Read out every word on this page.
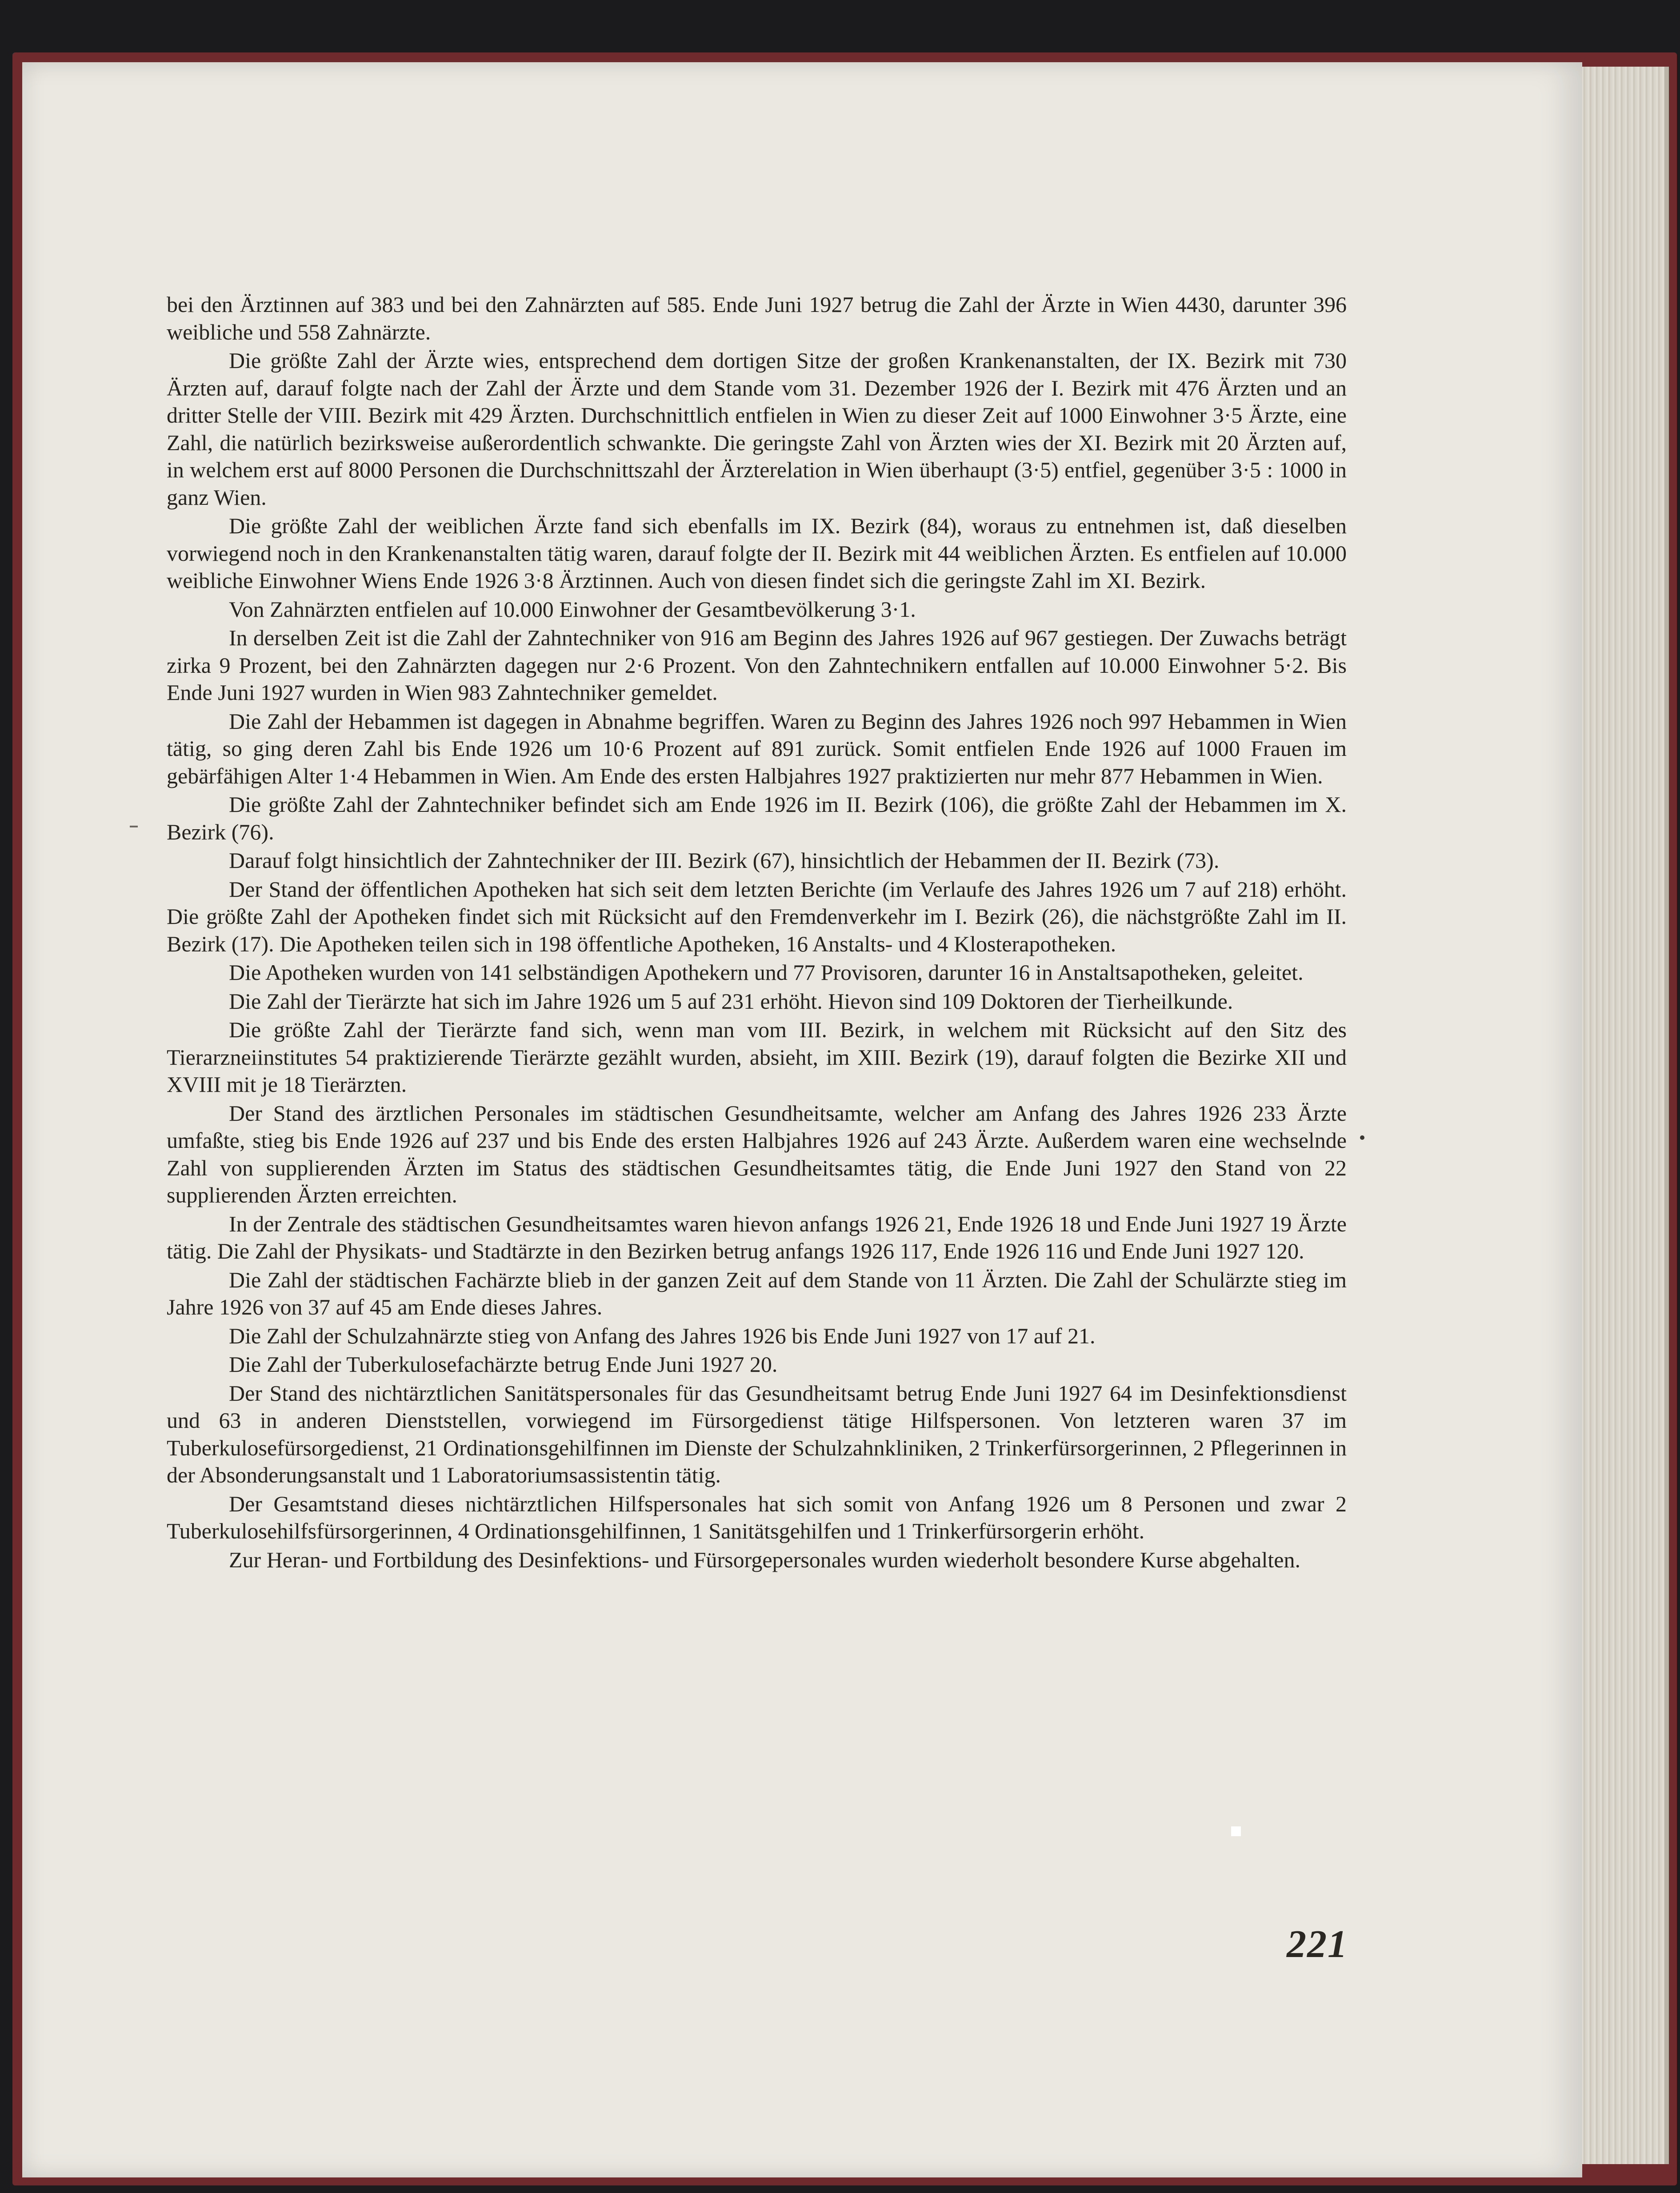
bei den Ärztinnen auf 383 und bei den Zahnärzten auf 585. Ende Juni 1927 betrug die Zahl der Ärzte in Wien 4430, darunter 396 weibliche und 558 Zahnärzte.

Die größte Zahl der Ärzte wies, entsprechend dem dortigen Sitze der großen Krankenanstalten, der IX. Bezirk mit 730 Ärzten auf, darauf folgte nach der Zahl der Ärzte und dem Stande vom 31. Dezember 1926 der I. Bezirk mit 476 Ärzten und an dritter Stelle der VIII. Bezirk mit 429 Ärzten. Durchschnittlich entfielen in Wien zu dieser Zeit auf 1000 Einwohner 3·5 Ärzte, eine Zahl, die natürlich bezirksweise außerordentlich schwankte. Die geringste Zahl von Ärzten wies der XI. Bezirk mit 20 Ärzten auf, in welchem erst auf 8000 Personen die Durchschnittszahl der Ärzterelation in Wien überhaupt (3·5) entfiel, gegenüber 3·5 : 1000 in ganz Wien.

Die größte Zahl der weiblichen Ärzte fand sich ebenfalls im IX. Bezirk (84), woraus zu entnehmen ist, daß dieselben vorwiegend noch in den Krankenanstalten tätig waren, darauf folgte der II. Bezirk mit 44 weiblichen Ärzten. Es entfielen auf 10.000 weibliche Einwohner Wiens Ende 1926 3·8 Ärztinnen. Auch von diesen findet sich die geringste Zahl im XI. Bezirk.

Von Zahnärzten entfielen auf 10.000 Einwohner der Gesamtbevölkerung 3·1.

In derselben Zeit ist die Zahl der Zahntechniker von 916 am Beginn des Jahres 1926 auf 967 gestiegen. Der Zuwachs beträgt zirka 9 Prozent, bei den Zahnärzten dagegen nur 2·6 Prozent. Von den Zahntechnikern entfallen auf 10.000 Einwohner 5·2. Bis Ende Juni 1927 wurden in Wien 983 Zahntechniker gemeldet.

Die Zahl der Hebammen ist dagegen in Abnahme begriffen. Waren zu Beginn des Jahres 1926 noch 997 Hebammen in Wien tätig, so ging deren Zahl bis Ende 1926 um 10·6 Prozent auf 891 zurück. Somit entfielen Ende 1926 auf 1000 Frauen im gebärfähigen Alter 1·4 Hebammen in Wien. Am Ende des ersten Halbjahres 1927 praktizierten nur mehr 877 Hebammen in Wien.

Die größte Zahl der Zahntechniker befindet sich am Ende 1926 im II. Bezirk (106), die größte Zahl der Hebammen im X. Bezirk (76).

Darauf folgt hinsichtlich der Zahntechniker der III. Bezirk (67), hinsichtlich der Hebammen der II. Bezirk (73).

Der Stand der öffentlichen Apotheken hat sich seit dem letzten Berichte (im Verlaufe des Jahres 1926 um 7 auf 218) erhöht. Die größte Zahl der Apotheken findet sich mit Rücksicht auf den Fremdenverkehr im I. Bezirk (26), die nächstgrößte Zahl im II. Bezirk (17). Die Apotheken teilen sich in 198 öffentliche Apotheken, 16 Anstalts- und 4 Klosterapotheken.

Die Apotheken wurden von 141 selbständigen Apothekern und 77 Provisoren, darunter 16 in Anstaltsapotheken, geleitet.

Die Zahl der Tierärzte hat sich im Jahre 1926 um 5 auf 231 erhöht. Hievon sind 109 Doktoren der Tierheilkunde.

Die größte Zahl der Tierärzte fand sich, wenn man vom III. Bezirk, in welchem mit Rücksicht auf den Sitz des Tierarzneiinstitutes 54 praktizierende Tierärzte gezählt wurden, absieht, im XIII. Bezirk (19), darauf folgten die Bezirke XII und XVIII mit je 18 Tierärzten.

Der Stand des ärztlichen Personales im städtischen Gesundheitsamte, welcher am Anfang des Jahres 1926 233 Ärzte umfaßte, stieg bis Ende 1926 auf 237 und bis Ende des ersten Halbjahres 1926 auf 243 Ärzte. Außerdem waren eine wechselnde Zahl von supplierenden Ärzten im Status des städtischen Gesundheitsamtes tätig, die Ende Juni 1927 den Stand von 22 supplierenden Ärzten erreichten.

In der Zentrale des städtischen Gesundheitsamtes waren hievon anfangs 1926 21, Ende 1926 18 und Ende Juni 1927 19 Ärzte tätig. Die Zahl der Physikats- und Stadtärzte in den Bezirken betrug anfangs 1926 117, Ende 1926 116 und Ende Juni 1927 120.

Die Zahl der städtischen Fachärzte blieb in der ganzen Zeit auf dem Stande von 11 Ärzten. Die Zahl der Schulärzte stieg im Jahre 1926 von 37 auf 45 am Ende dieses Jahres.

Die Zahl der Schulzahnärzte stieg von Anfang des Jahres 1926 bis Ende Juni 1927 von 17 auf 21.

Die Zahl der Tuberkulosefachärzte betrug Ende Juni 1927 20.

Der Stand des nichtärztlichen Sanitätspersonales für das Gesundheitsamt betrug Ende Juni 1927 64 im Desinfektionsdienst und 63 in anderen Dienststellen, vorwiegend im Fürsorgedienst tätige Hilfspersonen. Von letzteren waren 37 im Tuberkulosefürsorgedienst, 21 Ordinationsgehilfinnen im Dienste der Schulzahnkliniken, 2 Trinkerfürsorgerinnen, 2 Pflegerinnen in der Absonderungsanstalt und 1 Laboratoriumsassistentin tätig.

Der Gesamtstand dieses nichtärztlichen Hilfspersonales hat sich somit von Anfang 1926 um 8 Personen und zwar 2 Tuberkulosehilfsfürsorgerinnen, 4 Ordinationsgehilfinnen, 1 Sanitätsgehilfen und 1 Trinkerfürsorgerin erhöht.

Zur Heran- und Fortbildung des Desinfektions- und Fürsorgepersonales wurden wiederholt besondere Kurse abgehalten.

221
